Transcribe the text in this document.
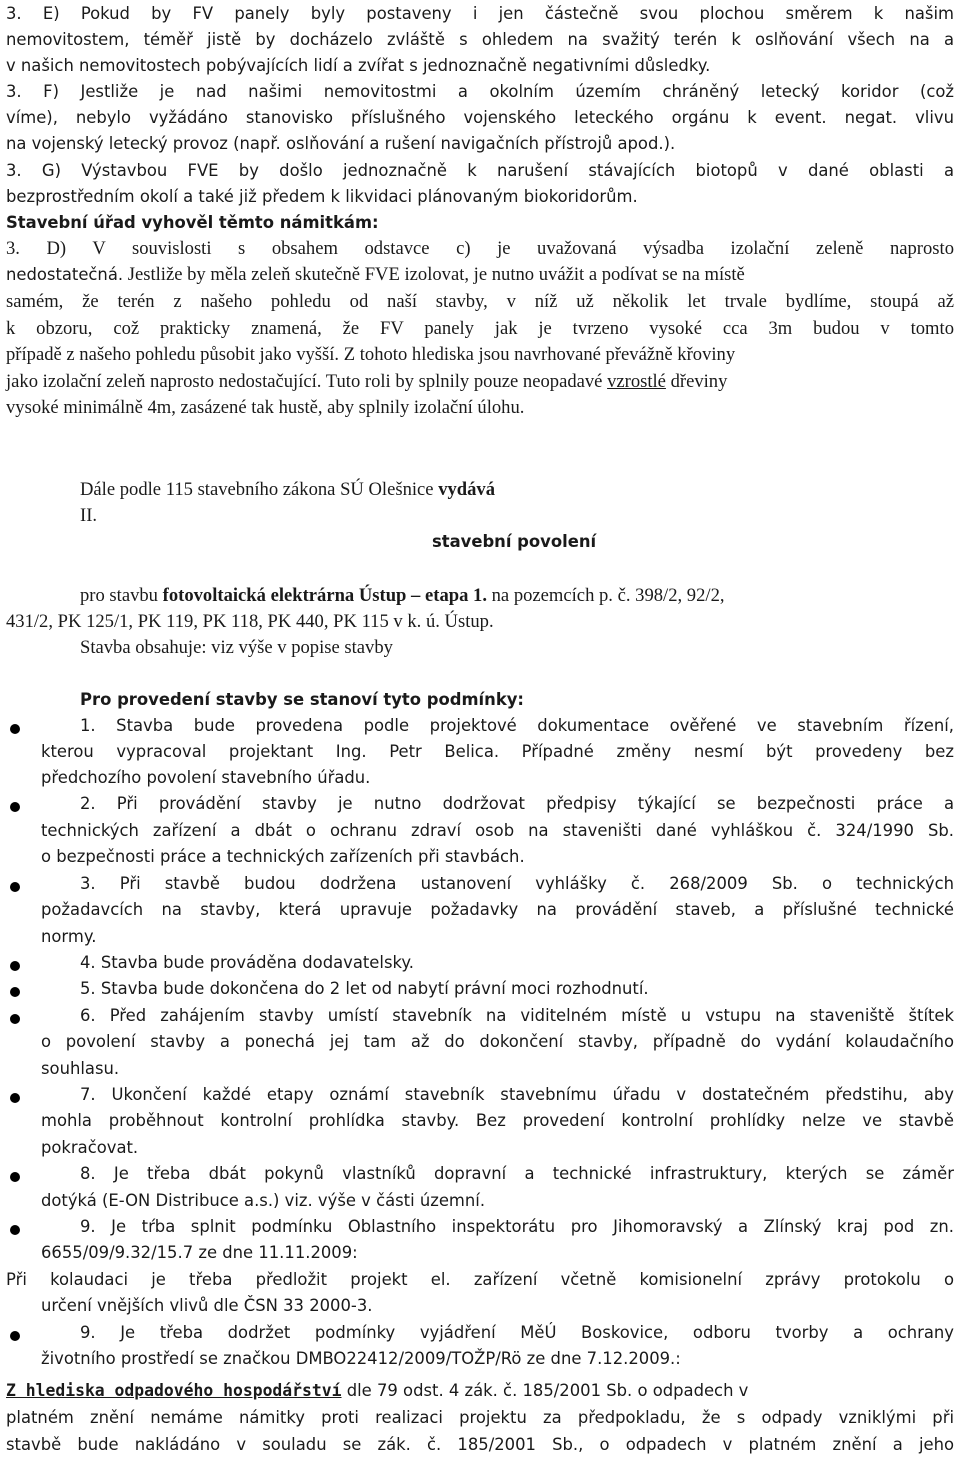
3. E) Pokud by FV panely byly postaveny i jen částečně svou plochou směrem k našim
nemovitostem, téměř jistě by docházelo zvláště s ohledem na svažitý terén k oslňování všech na a
v našich nemovitostech pobývajících lidí a zvířat s jednoznačně negativními důsledky.
3. F) Jestliže je nad našimi nemovitostmi a okolním územím chráněný letecký koridor (což
víme), nebylo vyžádáno stanovisko příslušného vojenského leteckého orgánu k event. negat. vlivu
na vojenský letecký provoz (např. oslňování a rušení navigačních přístrojů apod.).
3. G) Výstavbou FVE by došlo jednoznačně k narušení stávajících biotopů v dané oblasti a
bezprostředním okolí a také již předem k likvidaci plánovaným biokoridorům.
Stavební úřad vyhověl těmto námitkám:
3. D) V souvislosti s obsahem odstavce c) je uvažovaná výsadba izolační zeleně naprosto
nedostatečná. Jestliže by měla zeleň skutečně FVE izolovat, je nutno uvážit a podívat se na místě
samém, že terén z našeho pohledu od naší stavby, v níž už několik let trvale bydlíme, stoupá až
k obzoru, což prakticky znamená, že FV panely jak je tvrzeno vysoké cca 3m budou v tomto
případě z našeho pohledu působit jako vyšší. Z tohoto hlediska jsou navrhované převážně křoviny
jako izolační zeleň naprosto nedostačující. Tuto roli by splnily pouze neopadavé vzrostlé dřeviny
vysoké minimálně 4m, zasázené tak hustě, aby splnily izolační úlohu.
Dále podle 115 stavebního zákona SÚ Olešnice vydává
II.
stavební povolení
pro stavbu fotovoltaická elektrárna Ústup – etapa 1. na pozemcích p. č. 398/2, 92/2,
431/2, PK 125/1, PK 119, PK 118, PK 440, PK 115 v k. ú. Ústup.
Stavba obsahuje: viz výše v popise stavby
Pro provedení stavby se stanoví tyto podmínky:
1. Stavba bude provedena podle projektové dokumentace ověřené ve stavebním řízení,
kterou vypracoval projektant Ing. Petr Belica. Případné změny nesmí být provedeny bez
předchozího povolení stavebního úřadu.
2. Při provádění stavby je nutno dodržovat předpisy týkající se bezpečnosti práce a
technických zařízení a dbát o ochranu zdraví osob na staveništi dané vyhláškou č. 324/1990 Sb.
o bezpečnosti práce a technických zařízeních při stavbách.
3. Při stavbě budou dodržena ustanovení vyhlášky č. 268/2009 Sb. o technických
požadavcích na stavby, která upravuje požadavky na provádění staveb, a příslušné technické
normy.
4. Stavba bude prováděna dodavatelsky.
5. Stavba bude dokončena do 2 let od nabytí právní moci rozhodnutí.
6. Před zahájením stavby umístí stavebník na viditelném místě u vstupu na staveniště štítek
o povolení stavby a ponechá jej tam až do dokončení stavby, případně do vydání kolaudačního
souhlasu.
7. Ukončení každé etapy oznámí stavebník stavebnímu úřadu v dostatečném předstihu, aby
mohla proběhnout kontrolní prohlídka stavby. Bez provedení kontrolní prohlídky nelze ve stavbě
pokračovat.
8. Je třeba dbát pokynů vlastníků dopravní a technické infrastruktury, kterých se záměr
dotýká (E-ON Distribuce a.s.) viz. výše v části územní.
9. Je tŕba splnit podmínku Oblastního inspektorátu pro Jihomoravský a Zlínský kraj pod zn.
6655/09/9.32/15.7 ze dne 11.11.2009:
Při kolaudaci je třeba předložit projekt el. zařízení včetně komisionelní zprávy protokolu o
určení vnějších vlivů dle ČSN 33 2000-3.
9. Je třeba dodržet podmínky vyjádření MěÚ Boskovice, odboru tvorby a ochrany
životního prostředí se značkou DMBO22412/2009/TOŽP/Rö ze dne 7.12.2009.:
Z hlediska odpadového hospodářství dle 79 odst. 4 zák. č. 185/2001 Sb. o odpadech v
platném znění nemáme námitky proti realizaci projektu za předpokladu, že s odpady vzniklými při
stavbě bude nakládáno v souladu se zák. č. 185/2001 Sb., o odpadech v platném znění a jeho
